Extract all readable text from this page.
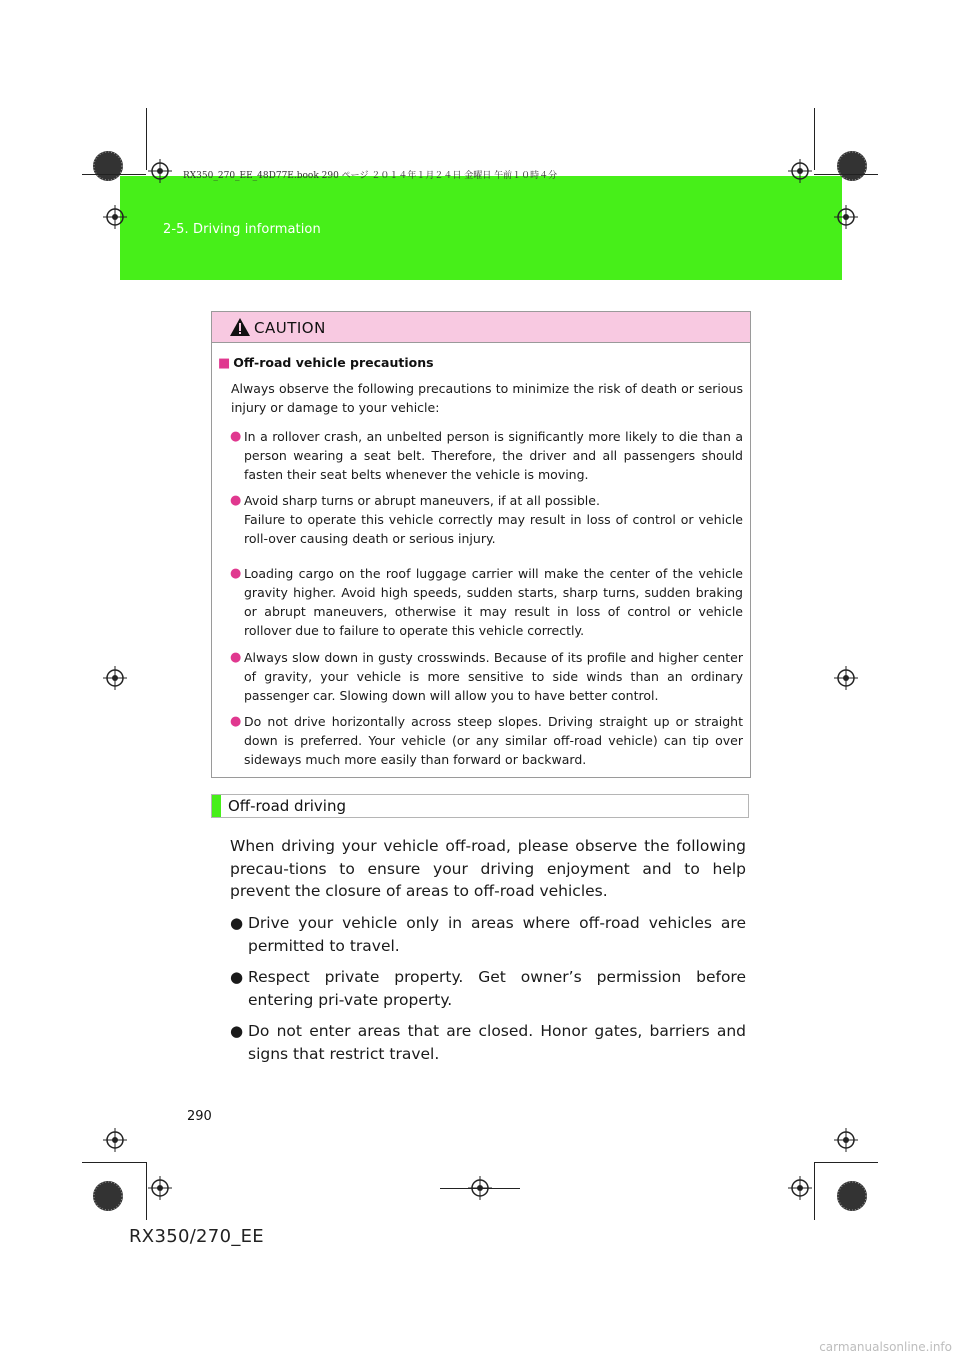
2-5. Driving information
RX350_270_EE_48D77E.book 290 ページ ２０１４年１月２４日 金曜日 午前１０時４分
CAUTION
■ Off-road vehicle precautions
Always observe the following precautions to minimize the risk of death or serious injury or damage to your vehicle:
● In a rollover crash, an unbelted person is significantly more likely to die than a person wearing a seat belt. Therefore, the driver and all passengers should fasten their seat belts whenever the vehicle is moving.
● Avoid sharp turns or abrupt maneuvers, if at all possible.
Failure to operate this vehicle correctly may result in loss of control or vehicle roll-over causing death or serious injury.
● Loading cargo on the roof luggage carrier will make the center of the vehicle gravity higher. Avoid high speeds, sudden starts, sharp turns, sudden braking or abrupt maneuvers, otherwise it may result in loss of control or vehicle rollover due to failure to operate this vehicle correctly.
● Always slow down in gusty crosswinds. Because of its profile and higher center of gravity, your vehicle is more sensitive to side winds than an ordinary passenger car. Slowing down will allow you to have better control.
● Do not drive horizontally across steep slopes. Driving straight up or straight down is preferred. Your vehicle (or any similar off-road vehicle) can tip over sideways much more easily than forward or backward.
Off-road driving
When driving your vehicle off-road, please observe the following precau-tions to ensure your driving enjoyment and to help prevent the closure of areas to off-road vehicles.
● Drive your vehicle only in areas where off-road vehicles are permitted to travel.
● Respect private property. Get owner’s permission before entering pri-vate property.
● Do not enter areas that are closed. Honor gates, barriers and signs that restrict travel.
290
RX350/270_EE
carmanualsonline.info
